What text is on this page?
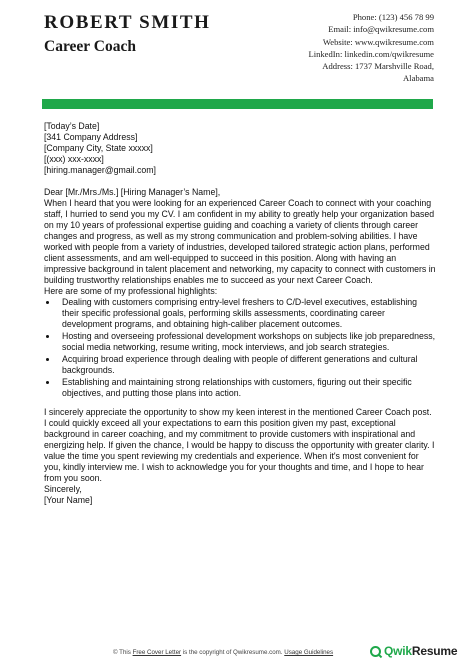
ROBERT SMITH
Career Coach
Phone: (123) 456 78 99
Email: info@qwikresume.com
Website: www.qwikresume.com
LinkedIn: linkedin.com/qwikresume
Address: 1737 Marshville Road,
Alabama

[Today’s Date]

[341 Company Address]

[Company City, State xxxxx]

[(xxx) xxx-xxxx]

[hiring.manager@gmail.com]

Dear [Mr./Mrs./Ms.] [Hiring Manager’s Name],

When I heard that you were looking for an experienced Career Coach to connect with your coaching staff, I hurried to send you my CV. I am confident in my ability to greatly help your organization based on my 10 years of professional expertise guiding and coaching a variety of clients through career changes and progress, as well as my strong communication and problem-solving abilities. I have worked with people from a variety of industries, developed tailored strategic action plans, performed client assessments, and am well-equipped to succeed in this position. Along with having an impressive background in talent placement and networking, my capacity to connect with customers in building trustworthy relationships enables me to succeed as your next Career Coach.

Here are some of my professional highlights:

• Dealing with customers comprising entry-level freshers to C/D-level executives, establishing their specific professional goals, performing skills assessments, coordinating career development programs, and obtaining high-caliber placement outcomes.
• Hosting and overseeing professional development workshops on subjects like job preparedness, social media networking, resume writing, mock interviews, and job search strategies.
• Acquiring broad experience through dealing with people of different generations and cultural backgrounds.
• Establishing and maintaining strong relationships with customers, figuring out their specific objectives, and putting those plans into action.

I sincerely appreciate the opportunity to show my keen interest in the mentioned Career Coach post. I could quickly exceed all your expectations to earn this position given my past, exceptional background in career coaching, and my commitment to provide customers with inspirational and energizing help. If given the chance, I would be happy to discuss the opportunity with greater clarity. I value the time you spent reviewing my credentials and experience. When it's most convenient for you, kindly interview me. I wish to acknowledge you for your thoughts and time, and I hope to hear from you soon.

Sincerely,

[Your Name]

© This Free Cover Letter is the copyright of Qwikresume.com. Usage Guidelines	QwikResume
